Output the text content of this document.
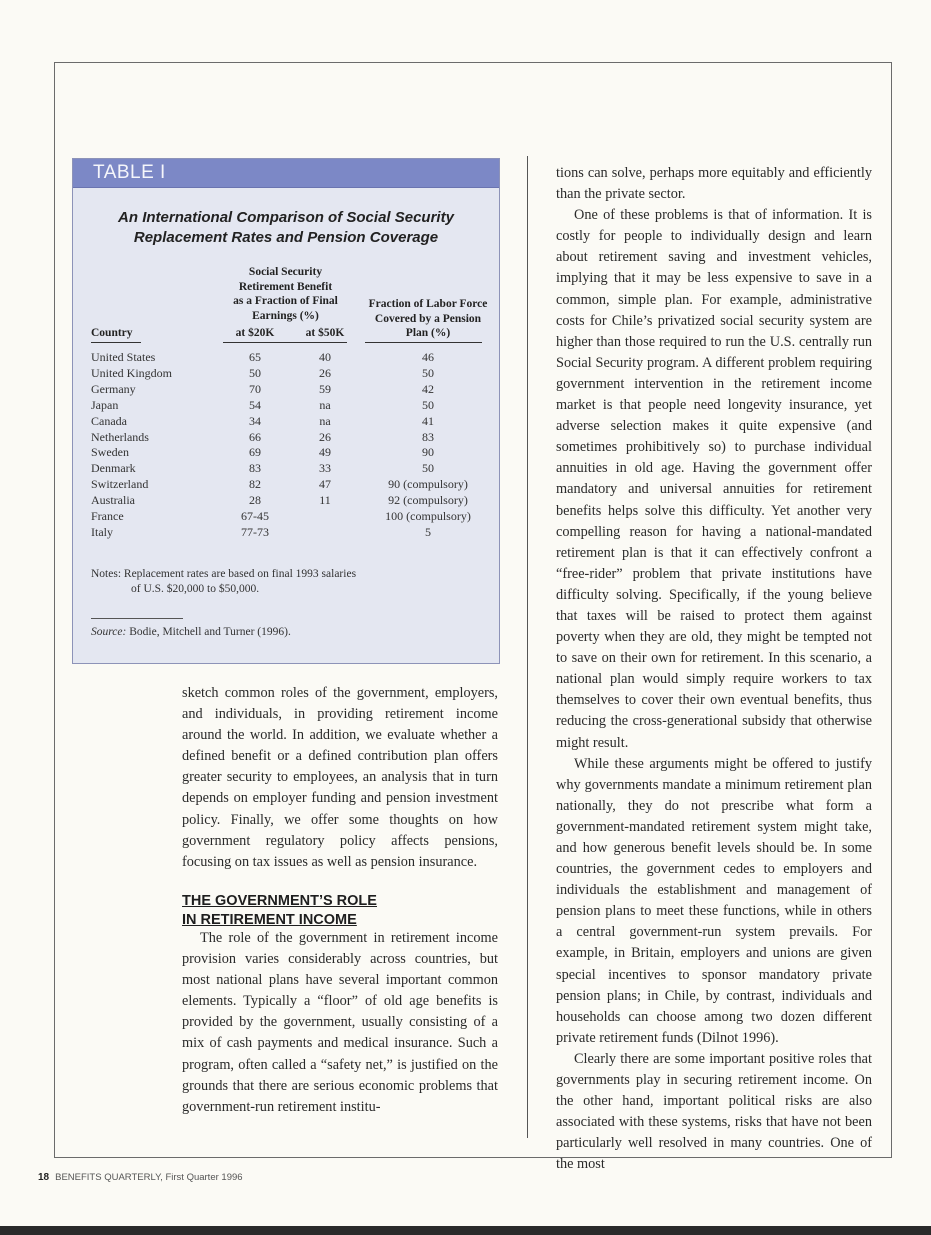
TABLE I
An International Comparison of Social Security
Replacement Rates and Pension Coverage
Social Security
Retirement Benefit
as a Fraction of Final
Earnings (%)
Fraction of Labor Force
Covered by a Pension
Plan (%)
Country	at $20K	at $50K
United States	65	40	46
United Kingdom	50	26	50
Germany	70	59	42
Japan	54	na	50
Canada	34	na	41
Netherlands	66	26	83
Sweden	69	49	90
Denmark	83	33	50
Switzerland	82	47	90 (compulsory)
Australia	28	11	92 (compulsory)
France	67-45	100 (compulsory)
Italy	77-73	5
Notes: Replacement rates are based on final 1993 salaries
of U.S. $20,000 to $50,000.
Source: Bodie, Mitchell and Turner (1996).

sketch common roles of the government, employers, and individuals, in providing retirement income around the world. In addition, we evaluate whether a defined benefit or a defined contribution plan offers greater security to employees, an analysis that in turn depends on employer funding and pension investment policy. Finally, we offer some thoughts on how government regulatory policy affects pensions, focusing on tax issues as well as pension insurance.

THE GOVERNMENT’S ROLE
IN RETIREMENT INCOME

The role of the government in retirement income provision varies considerably across countries, but most national plans have several important common elements. Typically a “floor” of old age benefits is provided by the government, usually consisting of a mix of cash payments and medical insurance. Such a program, often called a “safety net,” is justified on the grounds that there are serious economic problems that government-run retirement institu-

tions can solve, perhaps more equitably and efficiently than the private sector.

One of these problems is that of information. It is costly for people to individually design and learn about retirement saving and investment vehicles, implying that it may be less expensive to save in a common, simple plan. For example, administrative costs for Chile’s privatized social security system are higher than those required to run the U.S. centrally run Social Security program. A different problem requiring government intervention in the retirement income market is that people need longevity insurance, yet adverse selection makes it quite expensive (and sometimes prohibitively so) to purchase individual annuities in old age. Having the government offer mandatory and universal annuities for retirement benefits helps solve this difficulty. Yet another very compelling reason for having a national-mandated retirement plan is that it can effectively confront a “free-rider” problem that private institutions have difficulty solving. Specifically, if the young believe that taxes will be raised to protect them against poverty when they are old, they might be tempted not to save on their own for retirement. In this scenario, a national plan would simply require workers to tax themselves to cover their own eventual benefits, thus reducing the cross-generational subsidy that otherwise might result.

While these arguments might be offered to justify why governments mandate a minimum retirement plan nationally, they do not prescribe what form a government-mandated retirement system might take, and how generous benefit levels should be. In some countries, the government cedes to employers and individuals the establishment and management of pension plans to meet these functions, while in others a central government-run system prevails. For example, in Britain, employers and unions are given special incentives to sponsor mandatory private pension plans; in Chile, by contrast, individuals and households can choose among two dozen different private retirement funds (Dilnot 1996).

Clearly there are some important positive roles that governments play in securing retirement income. On the other hand, important political risks are also associated with these systems, risks that have not been particularly well resolved in many countries. One of the most

18 BENEFITS QUARTERLY, First Quarter 1996
